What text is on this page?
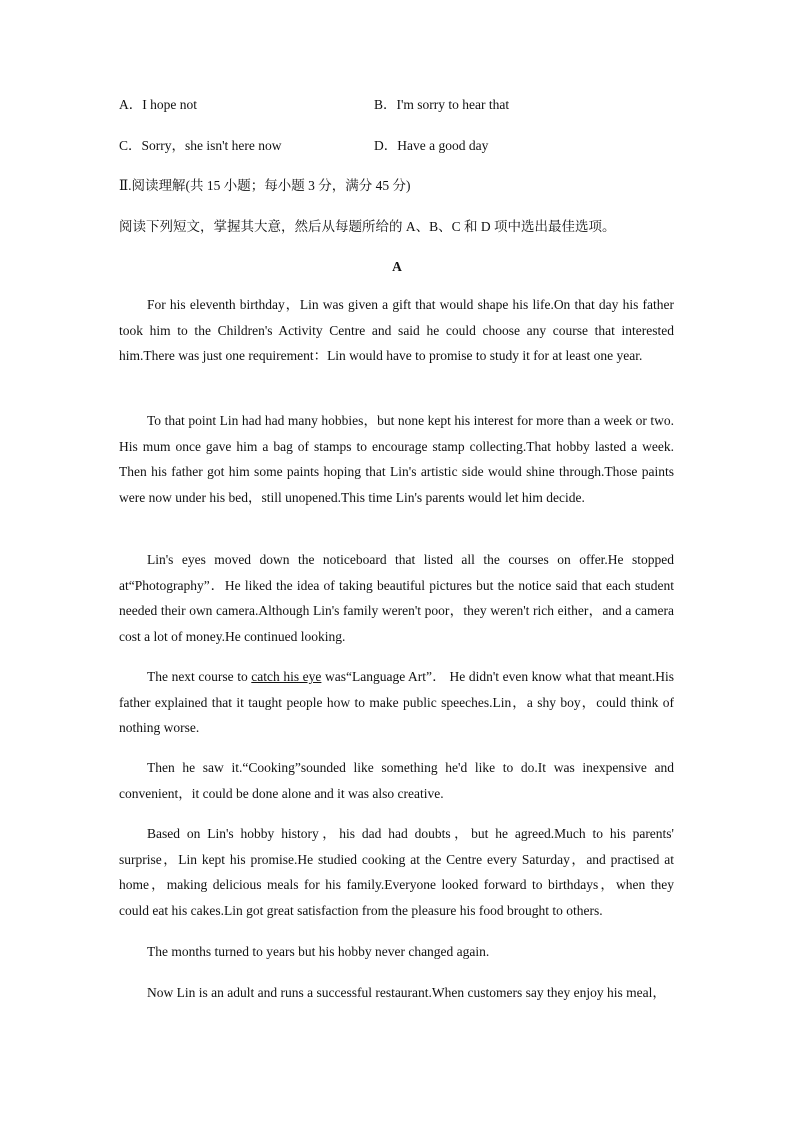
A．I hope not	B．I'm sorry to hear that
C．Sorry，she isn't here now	D．Have a good day
Ⅱ.阅读理解(共 15 小题；每小题 3 分，满分 45 分)
阅读下列短文，掌握其大意，然后从每题所给的 A、B、C 和 D 项中选出最佳选项。
A

For his eleventh birthday，Lin was given a gift that would shape his life.On that day his father took him to the Children's Activity Centre and said he could choose any course that interested him.There was just one requirement：Lin would have to promise to study it for at least one year.

To that point Lin had had many hobbies，but none kept his interest for more than a week or two. His mum once gave him a bag of stamps to encourage stamp collecting.That hobby lasted a week. Then his father got him some paints hoping that Lin's artistic side would shine through.Those paints were now under his bed，still unopened.This time Lin's parents would let him decide.

Lin's eyes moved down the noticeboard that listed all the courses on offer.He stopped at“Photography”．He liked the idea of taking beautiful pictures but the notice said that each student needed their own camera.Although Lin's family weren't poor，they weren't rich either，and a camera cost a lot of money.He continued looking.

The next course to catch his eye was“Language Art”． He didn't even know what that meant.His father explained that it taught people how to make public speeches.Lin，a shy boy，could think of nothing worse.

Then he saw it.“Cooking”sounded like something he'd like to do.It was inexpensive and convenient，it could be done alone and it was also creative.

Based on Lin's hobby history，his dad had doubts，but he agreed.Much to his parents' surprise，Lin kept his promise.He studied cooking at the Centre every Saturday，and practised at home，making delicious meals for his family.Everyone looked forward to birthdays，when they could eat his cakes.Lin got great satisfaction from the pleasure his food brought to others.

The months turned to years but his hobby never changed again.

Now Lin is an adult and runs a successful restaurant.When customers say they enjoy his meal，
